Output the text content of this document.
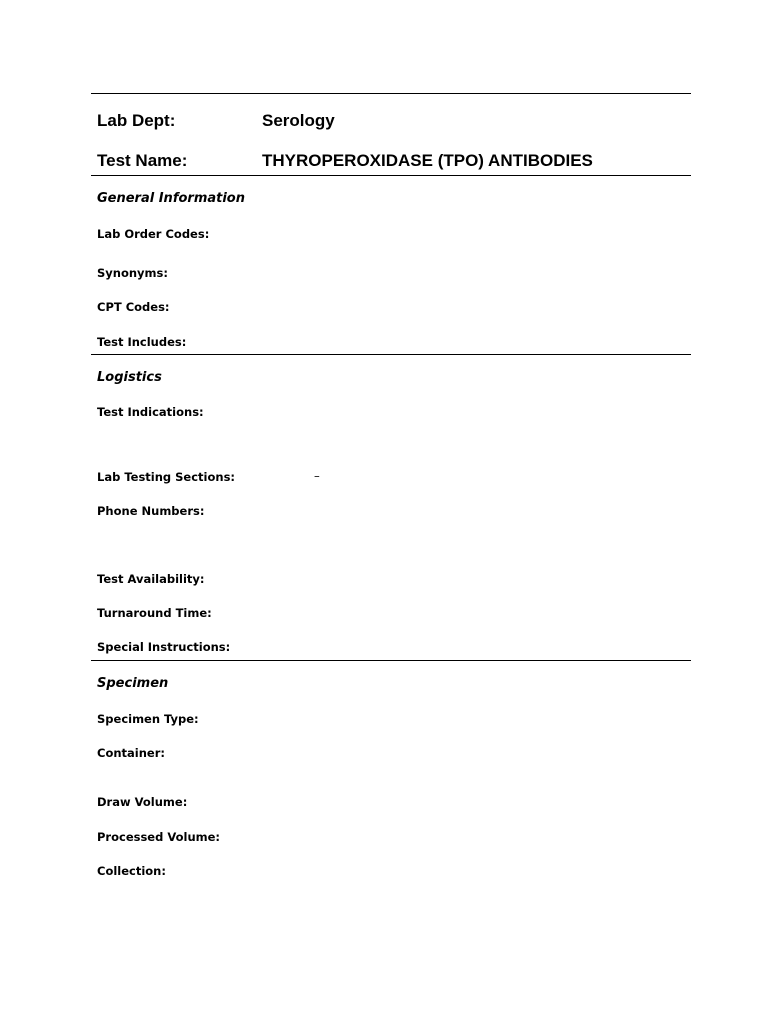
Lab Dept:	Serology
Test Name:	THYROPEROXIDASE (TPO) ANTIBODIES
General Information
Lab Order Codes:
Synonyms:
CPT Codes:
Test Includes:
Logistics
Test Indications:
Lab Testing Sections:	–
Phone Numbers:
Test Availability:
Turnaround Time:
Special Instructions:
Specimen
Specimen Type:
Container:
Draw Volume:
Processed Volume:
Collection:
